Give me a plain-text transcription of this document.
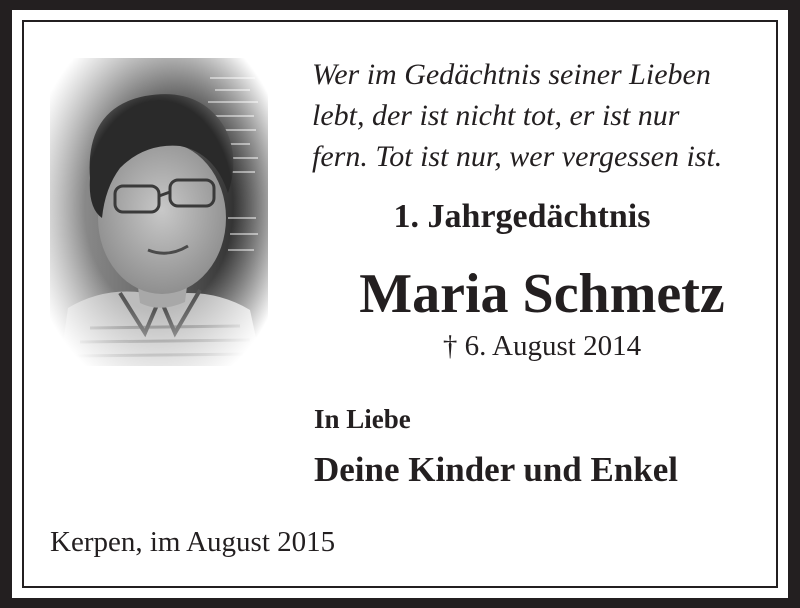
Wer im Gedächtnis seiner Lieben
lebt, der ist nicht tot, er ist nur
fern. Tot ist nur, wer vergessen ist.
1. Jahrgedächtnis
Maria Schmetz
† 6. August 2014
In Liebe
Deine Kinder und Enkel
Kerpen, im August 2015
